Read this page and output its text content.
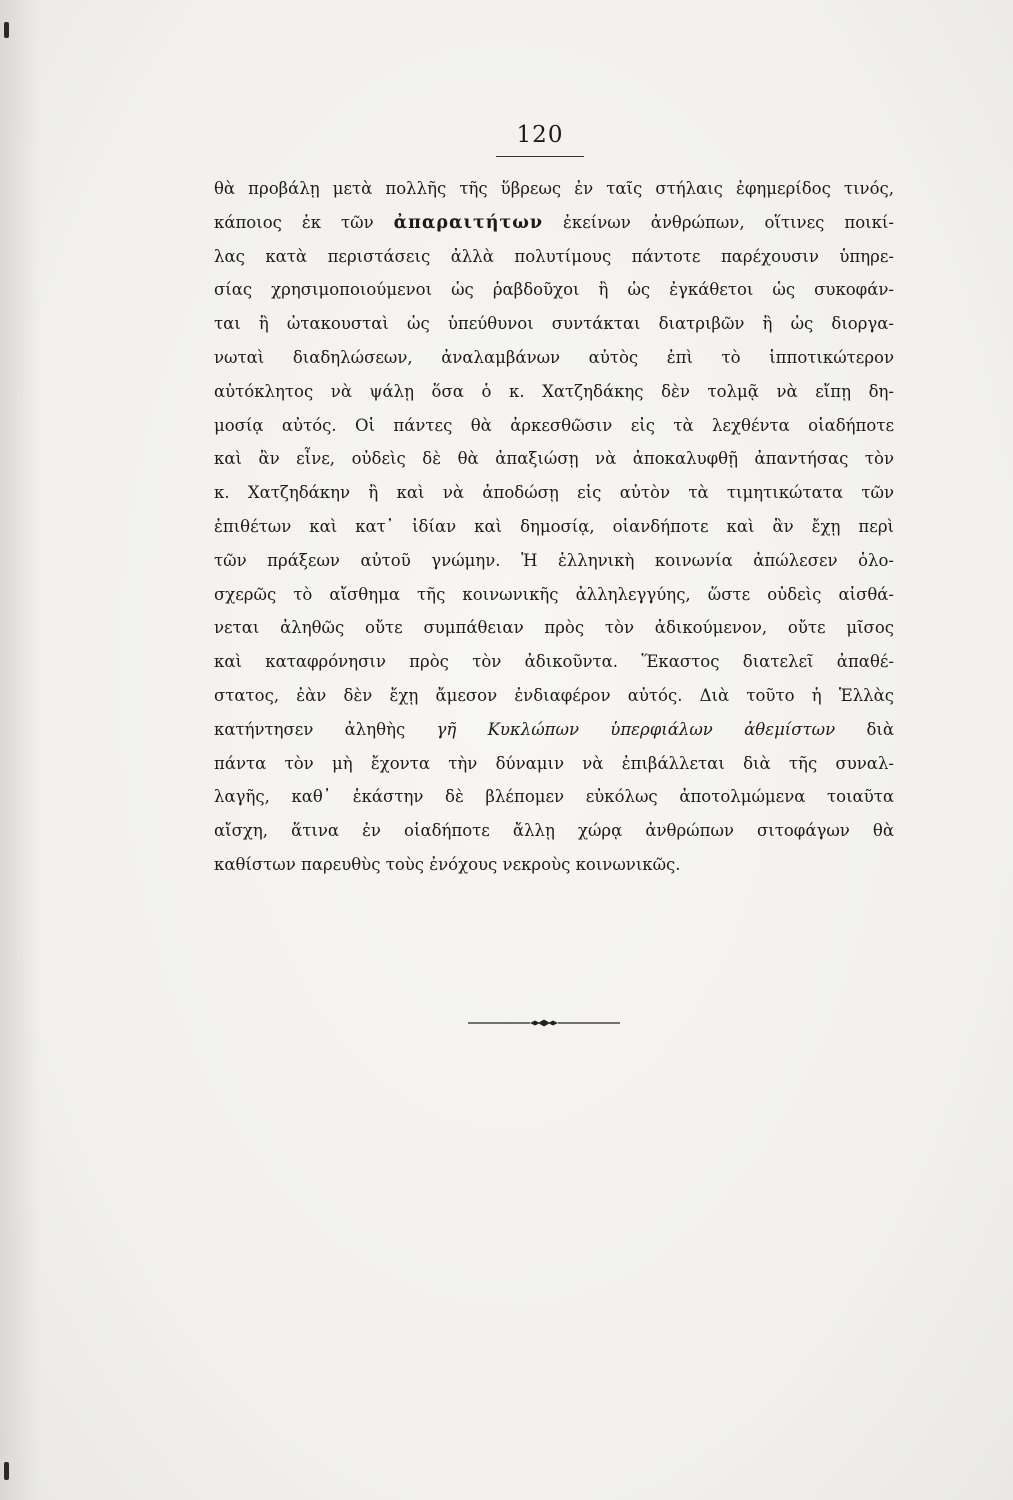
120
θὰ προβάλῃ μετὰ πολλῆς τῆς ὕβρεως ἐν ταῖς στήλαις ἐφημερίδος τινός,
κάποιος ἐκ τῶν ἀπαραιτήτων ἐκείνων ἀνθρώπων, οἵτινες ποικί-
λας κατὰ περιστάσεις ἀλλὰ πολυτίμους πάντοτε παρέχουσιν ὑπηρε-
σίας χρησιμοποιούμενοι ὡς ῥαβδοῦχοι ἢ ὡς ἐγκάθετοι ὡς συκοφάν-
ται ἢ ὠτακουσταὶ ὡς ὑπεύθυνοι συντάκται διατριβῶν ἢ ὡς διοργα-
νωταὶ διαδηλώσεων, ἀναλαμβάνων αὐτὸς ἐπὶ τὸ ἱπποτικώτερον
αὐτόκλητος νὰ ψάλῃ ὅσα ὁ κ. Χατζηδάκης δὲν τολμᾷ νὰ εἴπῃ δη-
μοσίᾳ αὐτός. Οἱ πάντες θὰ ἀρκεσθῶσιν εἰς τὰ λεχθέντα οἱαδήποτε
καὶ ἂν εἶνε, οὐδεὶς δὲ θὰ ἀπαξιώσῃ νὰ ἀποκαλυφθῇ ἀπαντήσας τὸν
κ. Χατζηδάκην ἢ καὶ νὰ ἀποδώσῃ εἰς αὐτὸν τὰ τιμητικώτατα τῶν
ἐπιθέτων καὶ κατ᾽ ἰδίαν καὶ δημοσίᾳ, οἱανδήποτε καὶ ἂν ἔχῃ περὶ
τῶν πράξεων αὐτοῦ γνώμην. Ἡ ἑλληνικὴ κοινωνία ἀπώλεσεν ὁλο-
σχερῶς τὸ αἴσθημα τῆς κοινωνικῆς ἀλληλεγγύης, ὥστε οὐδεὶς αἰσθά-
νεται ἀληθῶς οὔτε συμπάθειαν πρὸς τὸν ἀδικούμενον, οὔτε μῖσος
καὶ καταφρόνησιν πρὸς τὸν ἀδικοῦντα. Ἕκαστος διατελεῖ ἀπαθέ-
στατος, ἐὰν δὲν ἔχῃ ἄμεσον ἐνδιαφέρον αὐτός. Διὰ τοῦτο ἡ Ἑλλὰς
κατήντησεν ἀληθὴς γῆ Κυκλώπων ὑπερφιάλων ἀθεμίστων διὰ
πάντα τὸν μὴ ἔχοντα τὴν δύναμιν νὰ ἐπιβάλλεται διὰ τῆς συναλ-
λαγῆς, καθ᾽ ἑκάστην δὲ βλέπομεν εὐκόλως ἀποτολμώμενα τοιαῦτα
αἴσχη, ἅτινα ἐν οἱαδήποτε ἄλλῃ χώρᾳ ἀνθρώπων σιτοφάγων θὰ
καθίστων παρευθὺς τοὺς ἐνόχους νεκροὺς κοινωνικῶς.
